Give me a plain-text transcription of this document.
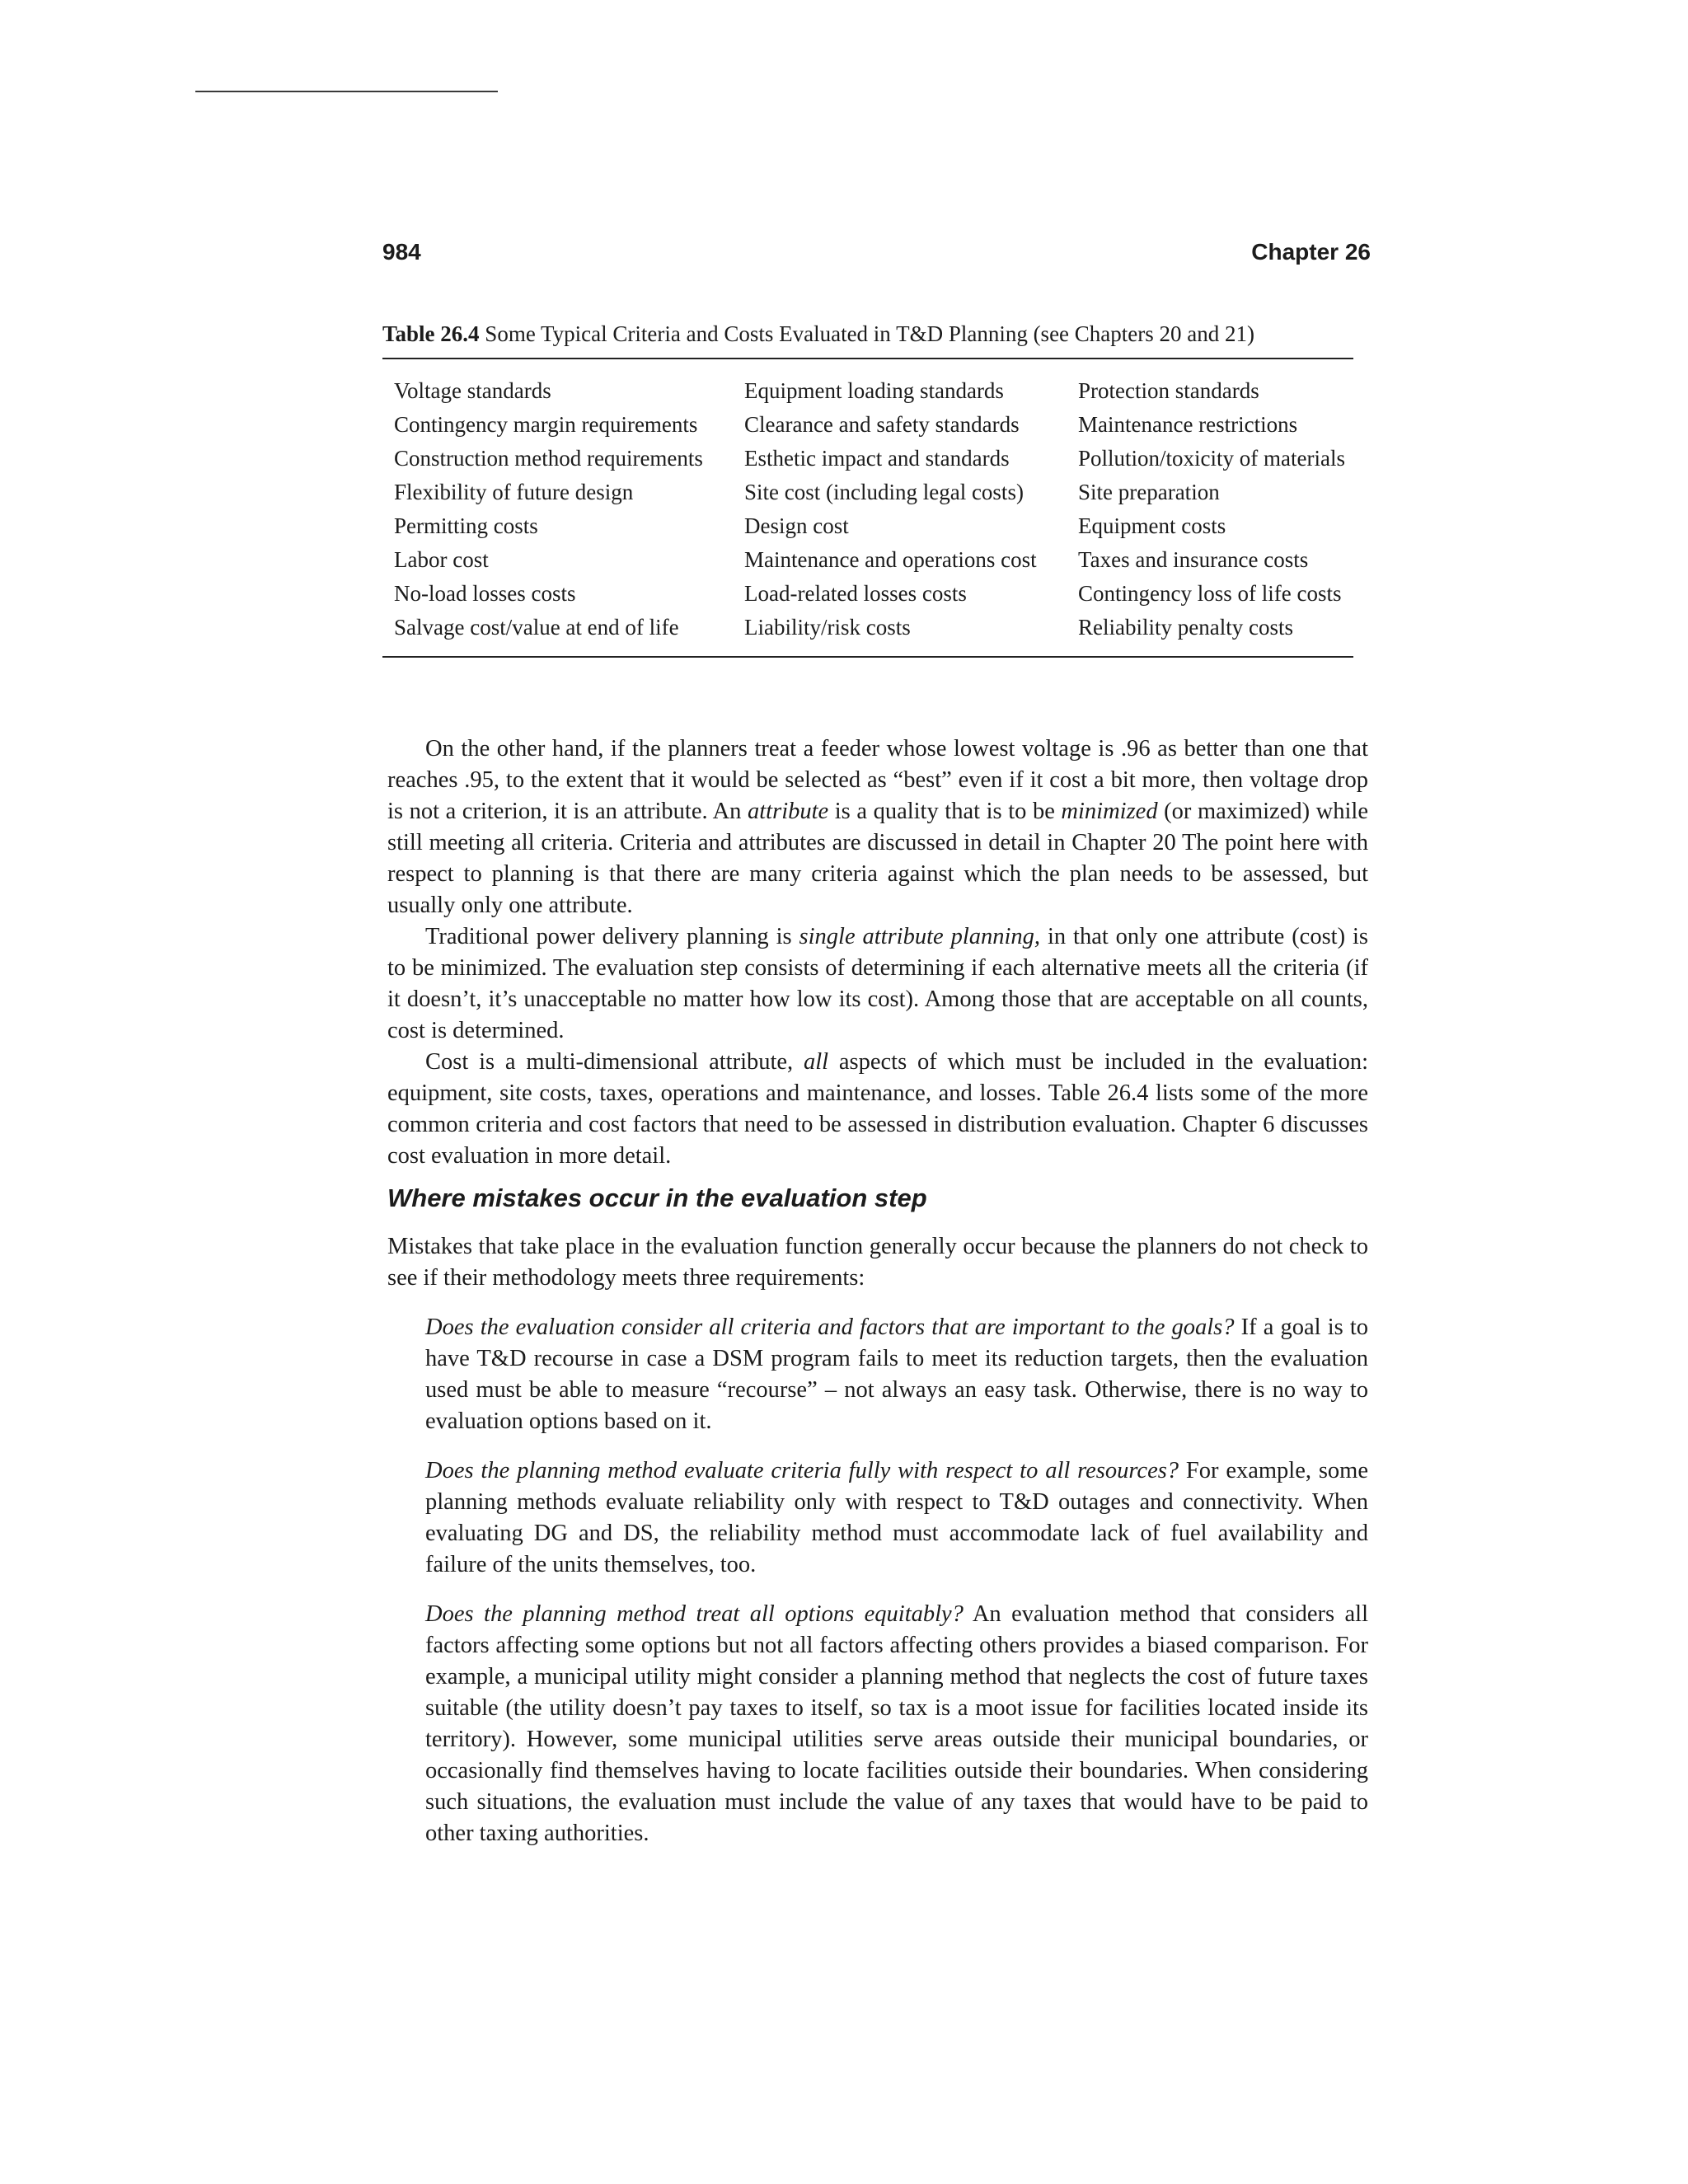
984	Chapter 26
Table 26.4 Some Typical Criteria and Costs Evaluated in T&D Planning (see Chapters 20 and 21)
Voltage standards	Equipment loading standards	Protection standards
Contingency margin requirements	Clearance and safety standards	Maintenance restrictions
Construction method requirements	Esthetic impact and standards	Pollution/toxicity of materials
Flexibility of future design	Site cost (including legal costs)	Site preparation
Permitting costs	Design cost	Equipment costs
Labor cost	Maintenance and operations cost	Taxes and insurance costs
No-load losses costs	Load-related losses costs	Contingency loss of life costs
Salvage cost/value at end of life	Liability/risk costs	Reliability penalty costs

On the other hand, if the planners treat a feeder whose lowest voltage is .96 as better than one that reaches .95, to the extent that it would be selected as “best” even if it cost a bit more, then voltage drop is not a criterion, it is an attribute. An attribute is a quality that is to be minimized (or maximized) while still meeting all criteria. Criteria and attributes are discussed in detail in Chapter 20 The point here with respect to planning is that there are many criteria against which the plan needs to be assessed, but usually only one attribute.

Traditional power delivery planning is single attribute planning, in that only one attribute (cost) is to be minimized. The evaluation step consists of determining if each alternative meets all the criteria (if it doesn’t, it’s unacceptable no matter how low its cost). Among those that are acceptable on all counts, cost is determined.

Cost is a multi-dimensional attribute, all aspects of which must be included in the evaluation: equipment, site costs, taxes, operations and maintenance, and losses. Table 26.4 lists some of the more common criteria and cost factors that need to be assessed in distribution evaluation. Chapter 6 discusses cost evaluation in more detail.

Where mistakes occur in the evaluation step

Mistakes that take place in the evaluation function generally occur because the planners do not check to see if their methodology meets three requirements:

Does the evaluation consider all criteria and factors that are important to the goals? If a goal is to have T&D recourse in case a DSM program fails to meet its reduction targets, then the evaluation used must be able to measure “recourse” – not always an easy task. Otherwise, there is no way to evaluation options based on it.

Does the planning method evaluate criteria fully with respect to all resources? For example, some planning methods evaluate reliability only with respect to T&D outages and connectivity. When evaluating DG and DS, the reliability method must accommodate lack of fuel availability and failure of the units themselves, too.

Does the planning method treat all options equitably? An evaluation method that considers all factors affecting some options but not all factors affecting others provides a biased comparison. For example, a municipal utility might consider a planning method that neglects the cost of future taxes suitable (the utility doesn’t pay taxes to itself, so tax is a moot issue for facilities located inside its territory). However, some municipal utilities serve areas outside their municipal boundaries, or occasionally find themselves having to locate facilities outside their boundaries. When considering such situations, the evaluation must include the value of any taxes that would have to be paid to other taxing authorities.
